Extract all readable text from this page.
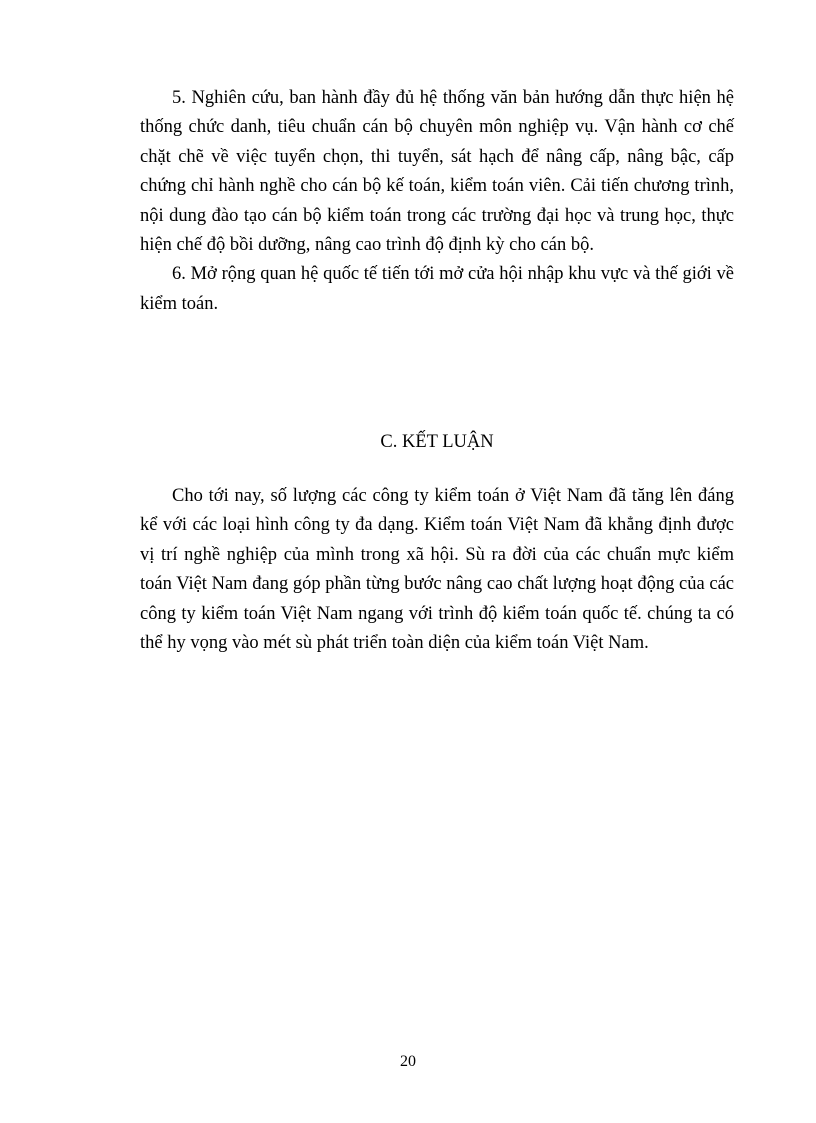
5. Nghiên cứu, ban hành đầy đủ hệ thống văn bản hướng dẫn thực hiện hệ thống chức danh, tiêu chuẩn cán bộ chuyên môn nghiệp vụ. Vận hành cơ chế chặt chẽ về việc tuyển chọn, thi tuyển, sát hạch để nâng cấp, nâng bậc, cấp chứng chỉ hành nghề cho cán bộ kế toán, kiểm toán viên. Cải tiến chương trình, nội dung đào tạo cán bộ kiểm toán trong các trường đại học và trung học, thực hiện chế độ bồi dưỡng, nâng cao trình độ định kỳ cho cán bộ.

6. Mở rộng quan hệ quốc tế tiến tới mở cửa hội nhập khu vực và thế giới về kiểm toán.

C. KẾT LUẬN

Cho tới nay, số lượng các công ty kiểm toán ở Việt Nam đã tăng lên đáng kể với các loại hình công ty đa dạng. Kiểm toán Việt Nam đã khẳng định được vị trí nghề nghiệp của mình trong xã hội. Sù ra đời của các chuẩn mực kiểm toán Việt Nam đang góp phần từng bước nâng cao chất lượng hoạt động của các công ty kiểm toán Việt Nam ngang với trình độ kiểm toán quốc tế. chúng ta có thể hy vọng vào mét sù phát triển toàn diện của kiểm toán Việt Nam.

20
